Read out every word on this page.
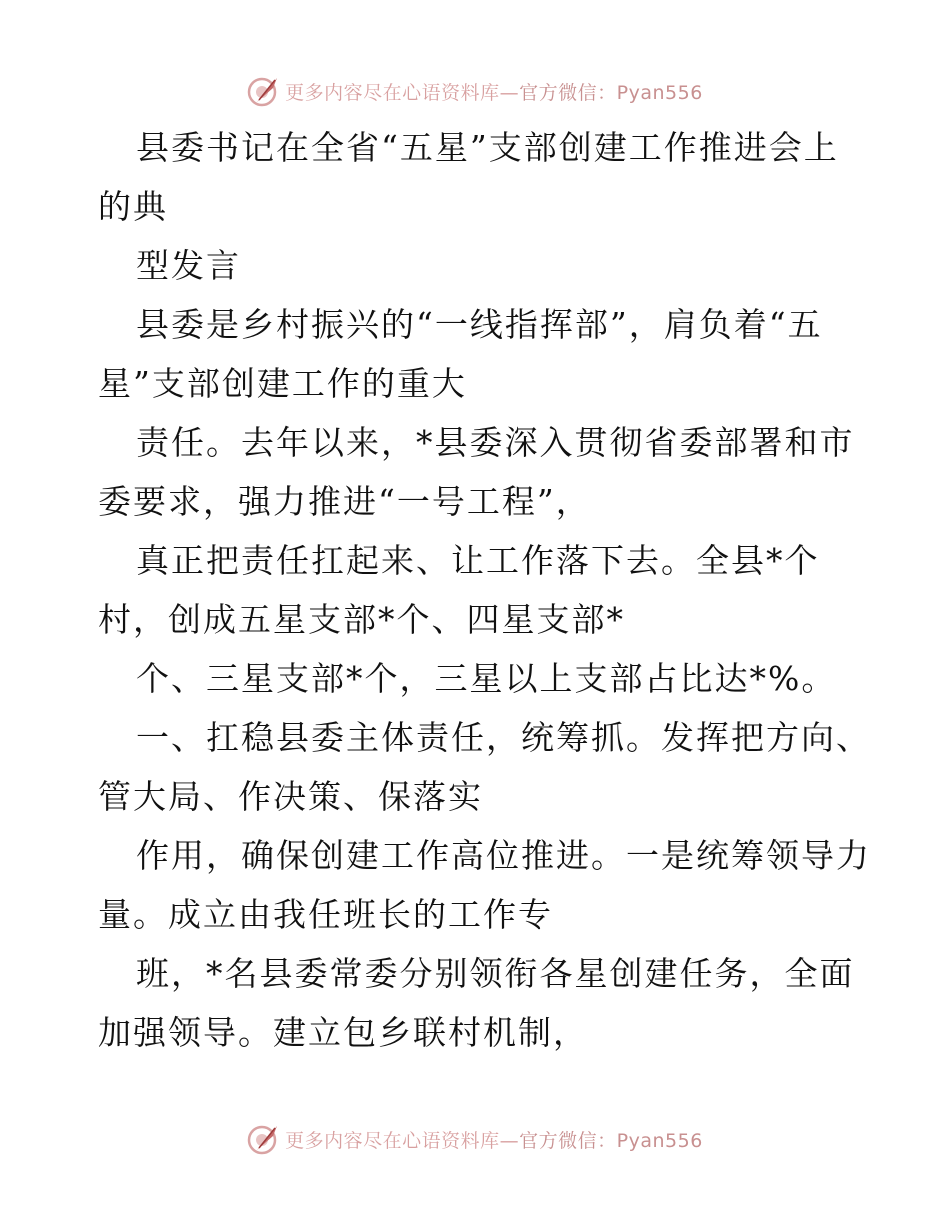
更多内容尽在心语资料库—官方微信：Pyan556
县委书记在全省“五星”支部创建工作推进会上
的典
型发言
县委是乡村振兴的“一线指挥部”，肩负着“五
星”支部创建工作的重大
责任。去年以来，*县委深入贯彻省委部署和市
委要求，强力推进“一号工程”，
真正把责任扛起来、让工作落下去。全县*个
村，创成五星支部*个、四星支部*
个、三星支部*个，三星以上支部占比达*%。
一、扛稳县委主体责任，统筹抓。发挥把方向、
管大局、作决策、保落实
作用，确保创建工作高位推进。一是统筹领导力
量。成立由我任班长的工作专
班，*名县委常委分别领衔各星创建任务，全面
加强领导。建立包乡联村机制，
更多内容尽在心语资料库—官方微信：Pyan556
